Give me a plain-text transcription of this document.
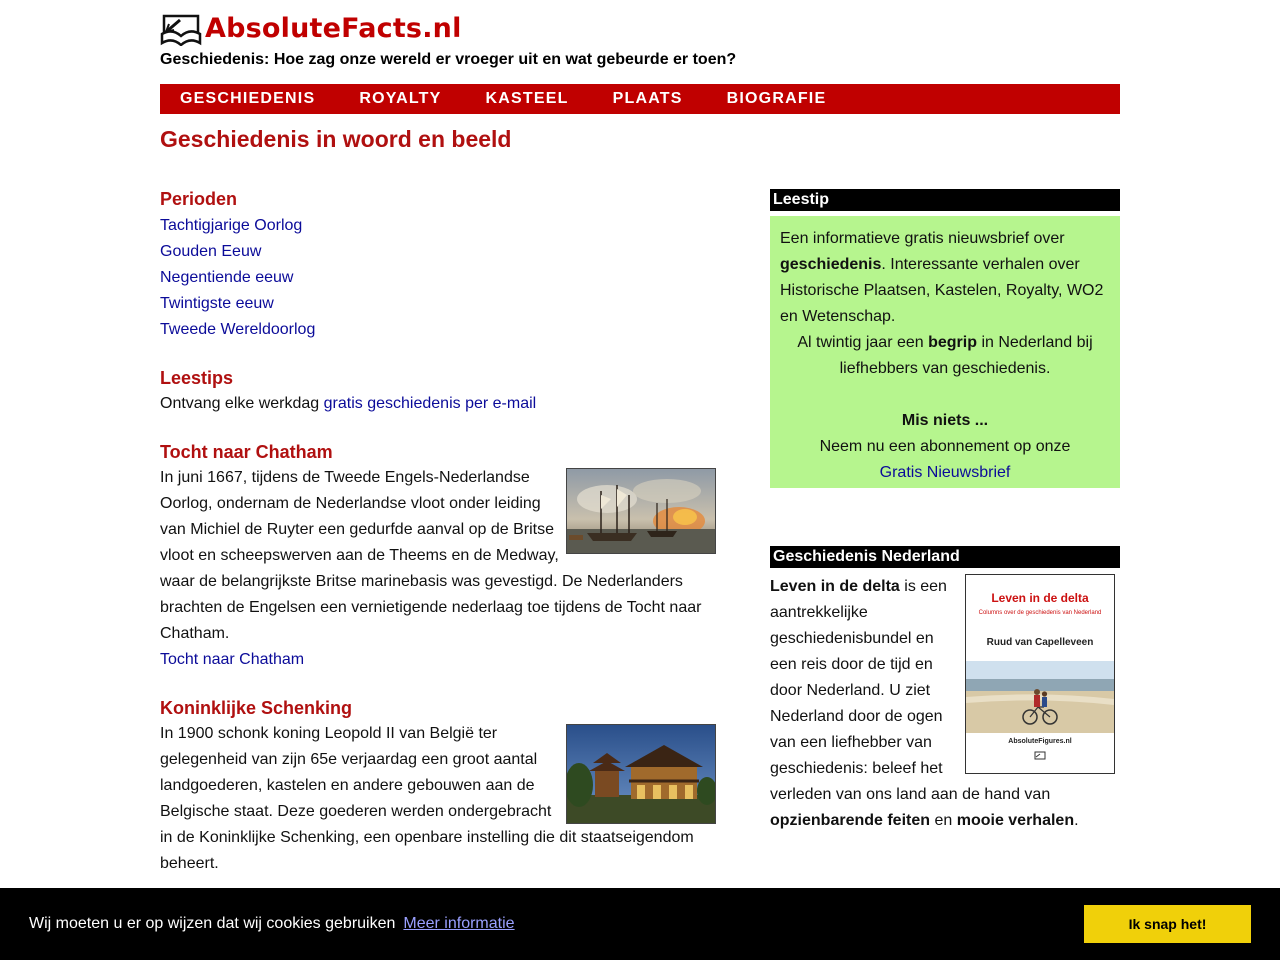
AbsoluteFacts.nl
Geschiedenis: Hoe zag onze wereld er vroeger uit en wat gebeurde er toen?
GESCHIEDENIS	ROYALTY	KASTEEL	PLAATS	BIOGRAFIE
Geschiedenis in woord en beeld
Perioden
Tachtigjarige Oorlog
Gouden Eeuw
Negentiende eeuw
Twintigste eeuw
Tweede Wereldoorlog
Leestips
Ontvang elke werkdag gratis geschiedenis per e-mail
Tocht naar Chatham

In juni 1667, tijdens de Tweede Engels-Nederlandse Oorlog, ondernam de Nederlandse vloot onder leiding van Michiel de Ruyter een gedurfde aanval op de Britse vloot en scheepswerven aan de Theems en de Medway, waar de belangrijkste Britse marinebasis was gevestigd. De Nederlanders brachten de Engelsen een vernietigende nederlaag toe tijdens de Tocht naar Chatham.

Tocht naar Chatham
Koninklijke Schenking

In 1900 schonk koning Leopold II van België ter gelegenheid van zijn 65e verjaardag een groot aantal landgoederen, kastelen en andere gebouwen aan de Belgische staat. Deze goederen werden ondergebracht in de Koninklijke Schenking, een openbare instelling die dit staatseigendom beheert.

Leestip

Een informatieve gratis nieuwsbrief over geschiedenis. Interessante verhalen over Historische Plaatsen, Kastelen, Royalty, WO2 en Wetenschap.

Al twintig jaar een begrip in Nederland bij liefhebbers van geschiedenis.

Mis niets ...

Neem nu een abonnement op onze

Gratis Nieuwsbrief

Geschiedenis Nederland
Leven in de delta
Columns over de geschiedenis van Nederland
Ruud van Capelleveen
AbsoluteFigures.nl

Leven in de delta is een aantrekkelijke geschiedenisbundel en een reis door de tijd en door Nederland. U ziet Nederland door de ogen van een liefhebber van geschiedenis: beleef het verleden van ons land aan de hand van opzienbarende feiten en mooie verhalen.

Wij moeten u er op wijzen dat wij cookies gebruiken Meer informatie	Ik snap het!
